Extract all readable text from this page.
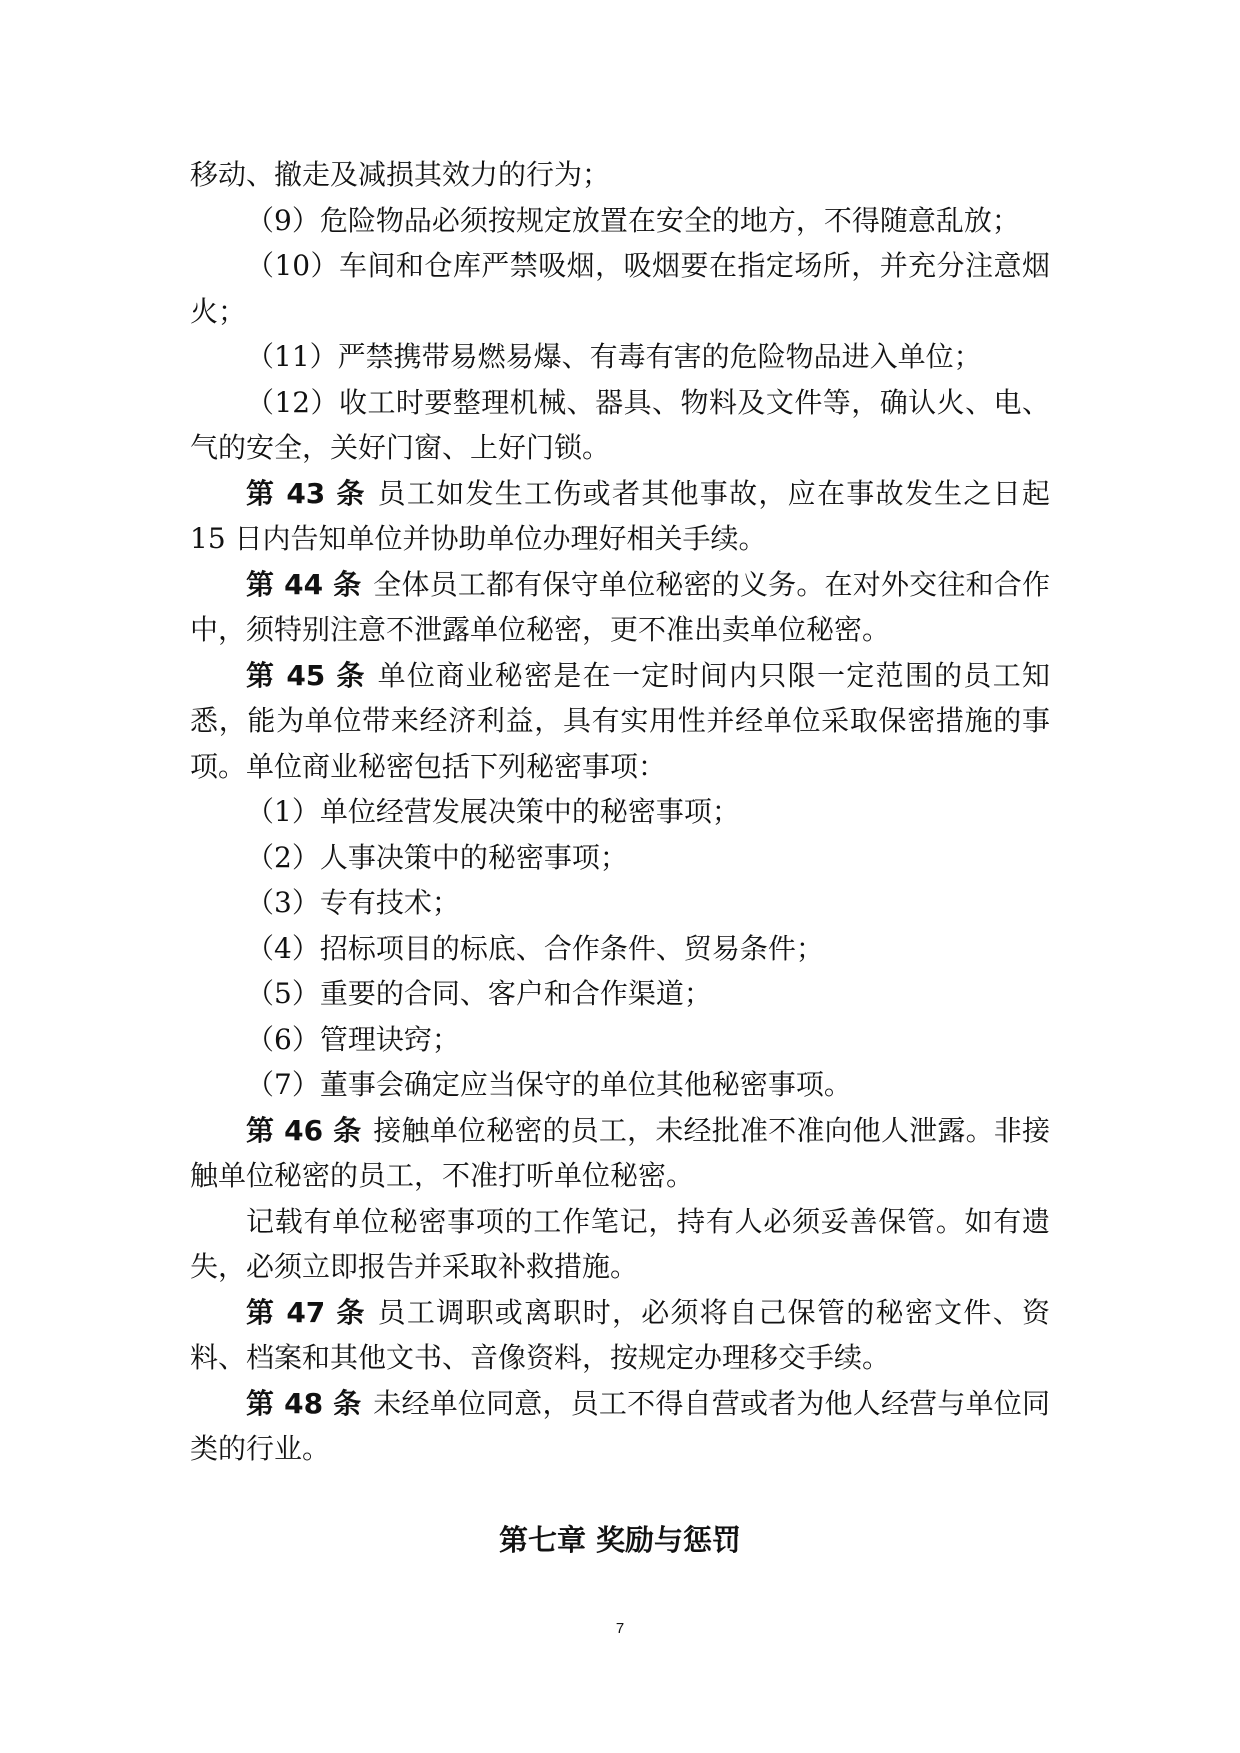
移动、撤走及减损其效力的行为；

（9）危险物品必须按规定放置在安全的地方，不得随意乱放；

（10）车间和仓库严禁吸烟，吸烟要在指定场所，并充分注意烟火；

（11）严禁携带易燃易爆、有毒有害的危险物品进入单位；

（12）收工时要整理机械、器具、物料及文件等，确认火、电、气的安全，关好门窗、上好门锁。

第 43 条 员工如发生工伤或者其他事故，应在事故发生之日起 15 日内告知单位并协助单位办理好相关手续。

第 44 条 全体员工都有保守单位秘密的义务。在对外交往和合作中，须特别注意不泄露单位秘密，更不准出卖单位秘密。

第 45 条 单位商业秘密是在一定时间内只限一定范围的员工知悉，能为单位带来经济利益，具有实用性并经单位采取保密措施的事项。单位商业秘密包括下列秘密事项：

（1）单位经营发展决策中的秘密事项；

（2）人事决策中的秘密事项；

（3）专有技术；

（4）招标项目的标底、合作条件、贸易条件；

（5）重要的合同、客户和合作渠道；

（6）管理诀窍；

（7）董事会确定应当保守的单位其他秘密事项。

第 46 条 接触单位秘密的员工，未经批准不准向他人泄露。非接触单位秘密的员工，不准打听单位秘密。

记载有单位秘密事项的工作笔记，持有人必须妥善保管。如有遗失，必须立即报告并采取补救措施。

第 47 条 员工调职或离职时，必须将自己保管的秘密文件、资料、档案和其他文书、音像资料，按规定办理移交手续。

第 48 条 未经单位同意，员工不得自营或者为他人经营与单位同类的行业。

第七章 奖励与惩罚
7
